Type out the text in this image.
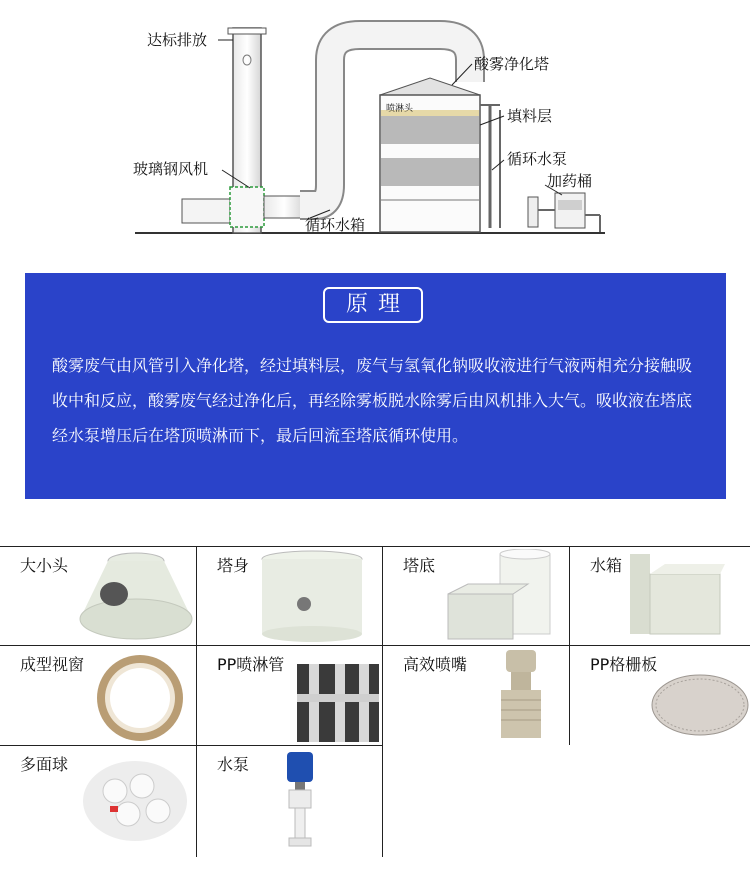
达标排放
玻璃钢风机
酸雾净化塔
喷淋头	填料层
循环水泵
加药桶
循环水箱
原理

酸雾废气由风管引入净化塔，经过填料层，废气与氢氧化钠吸收液进行气液两相充分接触吸收中和反应，酸雾废气经过净化后，再经除雾板脱水除雾后由风机排入大气。吸收液在塔底经水泵增压后在塔顶喷淋而下，最后回流至塔底循环使用。

大小头	塔身	塔底	水箱
成型视窗	PP喷淋管	高效喷嘴	PP格栅板
多面球	水泵
